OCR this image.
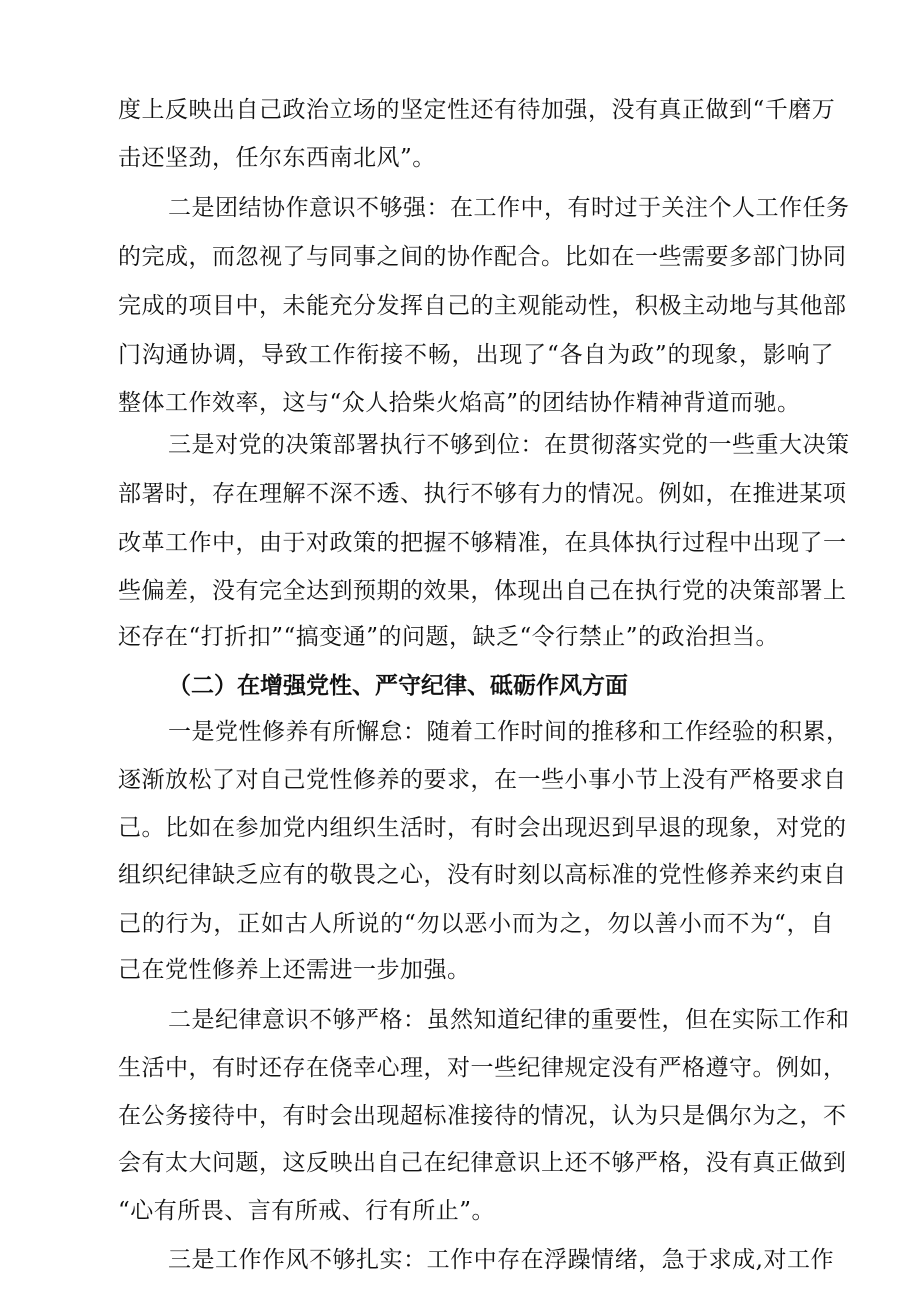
度上反映出自己政治立场的坚定性还有待加强，没有真正做到“千磨万
击还坚劲，任尔东西南北风”。
二是团结协作意识不够强：在工作中，有时过于关注个人工作任务
的完成，而忽视了与同事之间的协作配合。比如在一些需要多部门协同
完成的项目中，未能充分发挥自己的主观能动性，积极主动地与其他部
门沟通协调，导致工作衔接不畅，出现了“各自为政”的现象，影响了
整体工作效率，这与“众人拾柴火焰高”的团结协作精神背道而驰。
三是对党的决策部署执行不够到位：在贯彻落实党的一些重大决策
部署时，存在理解不深不透、执行不够有力的情况。例如，在推进某项
改革工作中，由于对政策的把握不够精准，在具体执行过程中出现了一
些偏差，没有完全达到预期的效果，体现出自己在执行党的决策部署上
还存在“打折扣”“搞变通”的问题，缺乏“令行禁止”的政治担当。
（二）在增强党性、严守纪律、砥砺作风方面
一是党性修养有所懈怠：随着工作时间的推移和工作经验的积累，
逐渐放松了对自己党性修养的要求，在一些小事小节上没有严格要求自
己。比如在参加党内组织生活时，有时会出现迟到早退的现象，对党的
组织纪律缺乏应有的敬畏之心，没有时刻以高标准的党性修养来约束自
己的行为，正如古人所说的“勿以恶小而为之，勿以善小而不为“，自
己在党性修养上还需进一步加强。
二是纪律意识不够严格：虽然知道纪律的重要性，但在实际工作和
生活中，有时还存在侥幸心理，对一些纪律规定没有严格遵守。例如，
在公务接待中，有时会出现超标准接待的情况，认为只是偶尔为之，不
会有太大问题，这反映出自己在纪律意识上还不够严格，没有真正做到
“心有所畏、言有所戒、行有所止”。
三是工作作风不够扎实：工作中存在浮躁情绪，急于求成,对工作
